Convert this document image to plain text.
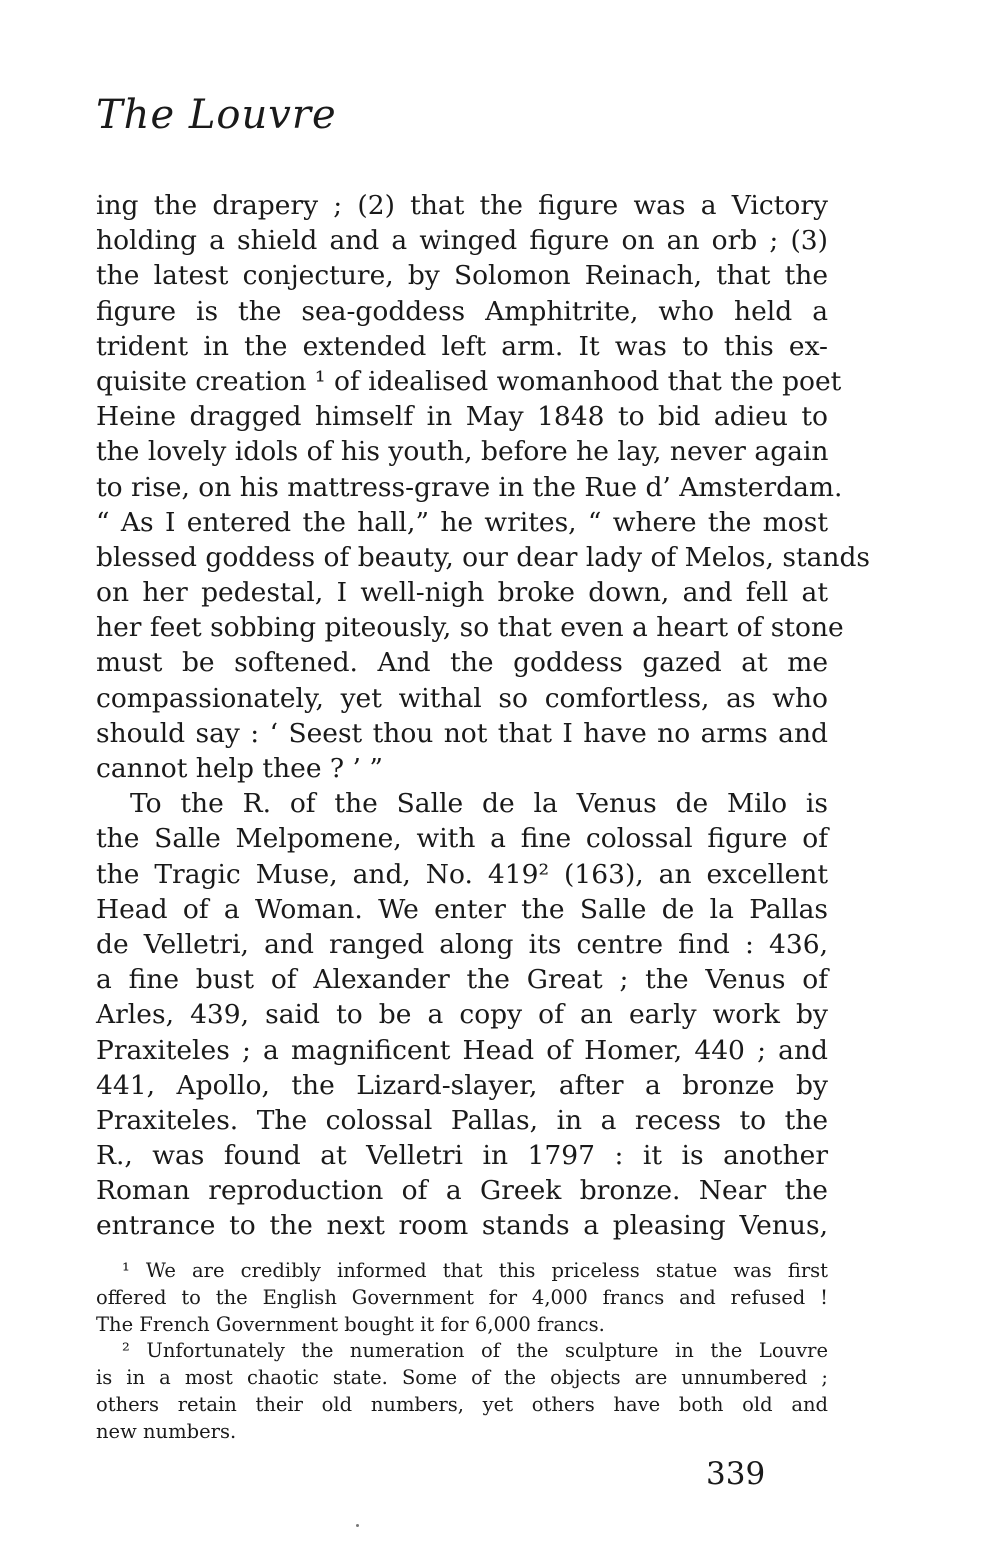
The Louvre
ing the drapery ; (2) that the figure was a Victory
holding a shield and a winged figure on an orb ; (3)
the latest conjecture, by Solomon Reinach, that the
figure is the sea-goddess Amphitrite, who held a
trident in the extended left arm. It was to this ex-
quisite creation ¹ of idealised womanhood that the poet
Heine dragged himself in May 1848 to bid adieu to
the lovely idols of his youth, before he lay, never again
to rise, on his mattress-grave in the Rue d’ Amsterdam.
“ As I entered the hall,” he writes, “ where the most
blessed goddess of beauty, our dear lady of Melos, stands
on her pedestal, I well-nigh broke down, and fell at
her feet sobbing piteously, so that even a heart of stone
must be softened. And the goddess gazed at me
compassionately, yet withal so comfortless, as who
should say : ‘ Seest thou not that I have no arms and
cannot help thee ? ’ ”
To the R. of the Salle de la Venus de Milo is
the Salle Melpomene, with a fine colossal figure of
the Tragic Muse, and, No. 419² (163), an excellent
Head of a Woman. We enter the Salle de la Pallas
de Velletri, and ranged along its centre find : 436,
a fine bust of Alexander the Great ; the Venus of
Arles, 439, said to be a copy of an early work by
Praxiteles ; a magnificent Head of Homer, 440 ; and
441, Apollo, the Lizard-slayer, after a bronze by
Praxiteles. The colossal Pallas, in a recess to the
R., was found at Velletri in 1797 : it is another
Roman reproduction of a Greek bronze. Near the
entrance to the next room stands a pleasing Venus,
¹ We are credibly informed that this priceless statue was first
offered to the English Government for 4,000 francs and refused !
The French Government bought it for 6,000 francs.
² Unfortunately the numeration of the sculpture in the Louvre
is in a most chaotic state. Some of the objects are unnumbered ;
others retain their old numbers, yet others have both old and
new numbers.

339
